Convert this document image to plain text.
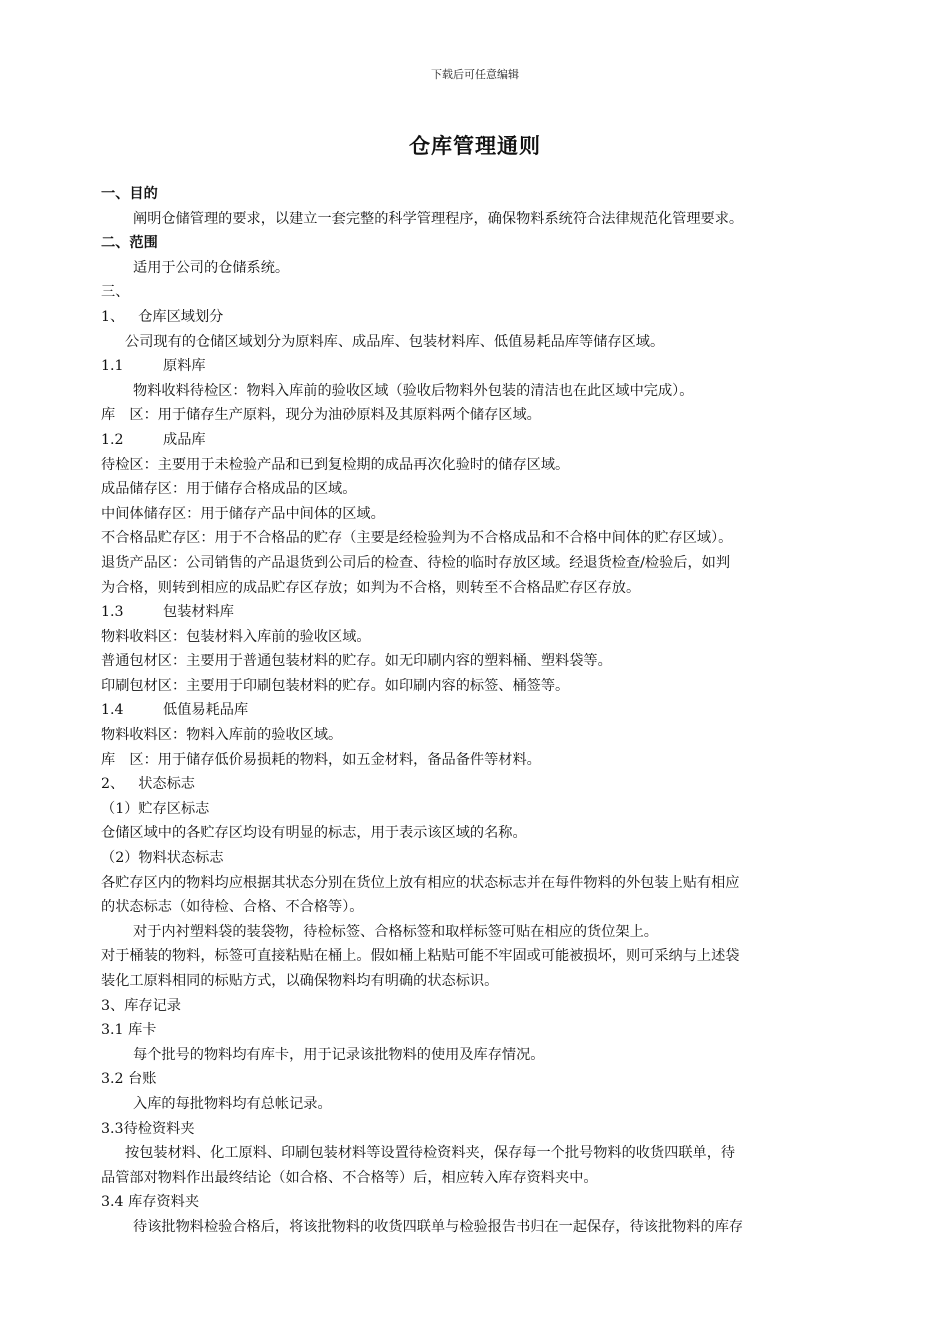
下载后可任意编辑
仓库管理通则
一、目的
阐明仓储管理的要求，以建立一套完整的科学管理程序，确保物料系统符合法律规范化管理要求。
二、范围
适用于公司的仓储系统。
三、
1、 仓库区域划分
公司现有的仓储区域划分为原料库、成品库、包装材料库、低值易耗品库等储存区域。
1.1	原料库
物料收料待检区：物料入库前的验收区域（验收后物料外包装的清洁也在此区域中完成）。
库　区：用于储存生产原料，现分为油砂原料及其原料两个储存区域。
1.2	成品库
待检区：主要用于未检验产品和已到复检期的成品再次化验时的储存区域。
成品储存区：用于储存合格成品的区域。
中间体储存区：用于储存产品中间体的区域。
不合格品贮存区：用于不合格品的贮存（主要是经检验判为不合格成品和不合格中间体的贮存区域）。
退货产品区：公司销售的产品退货到公司后的检查、待检的临时存放区域。经退货检查/检验后，如判
为合格，则转到相应的成品贮存区存放；如判为不合格，则转至不合格品贮存区存放。
1.3	包装材料库
物料收料区：包装材料入库前的验收区域。
普通包材区：主要用于普通包装材料的贮存。如无印刷内容的塑料桶、塑料袋等。
印刷包材区：主要用于印刷包装材料的贮存。如印刷内容的标签、桶签等。
1.4	低值易耗品库
物料收料区：物料入库前的验收区域。
库　区：用于储存低价易损耗的物料，如五金材料，备品备件等材料。
2、 状态标志
（1）贮存区标志
仓储区域中的各贮存区均设有明显的标志，用于表示该区域的名称。
（2）物料状态标志
各贮存区内的物料均应根据其状态分别在货位上放有相应的状态标志并在每件物料的外包装上贴有相应
的状态标志（如待检、合格、不合格等）。
对于内衬塑料袋的装袋物，待检标签、合格标签和取样标签可贴在相应的货位架上。
对于桶装的物料，标签可直接粘贴在桶上。假如桶上粘贴可能不牢固或可能被损坏，则可采纳与上述袋
装化工原料相同的标贴方式，以确保物料均有明确的状态标识。
3、库存记录
3.1 库卡
每个批号的物料均有库卡，用于记录该批物料的使用及库存情况。
3.2 台账
入库的每批物料均有总帐记录。
3.3待检资料夹
按包装材料、化工原料、印刷包装材料等设置待检资料夹，保存每一个批号物料的收货四联单，待
品管部对物料作出最终结论（如合格、不合格等）后，相应转入库存资料夹中。
3.4 库存资料夹
待该批物料检验合格后，将该批物料的收货四联单与检验报告书归在一起保存，待该批物料的库存
